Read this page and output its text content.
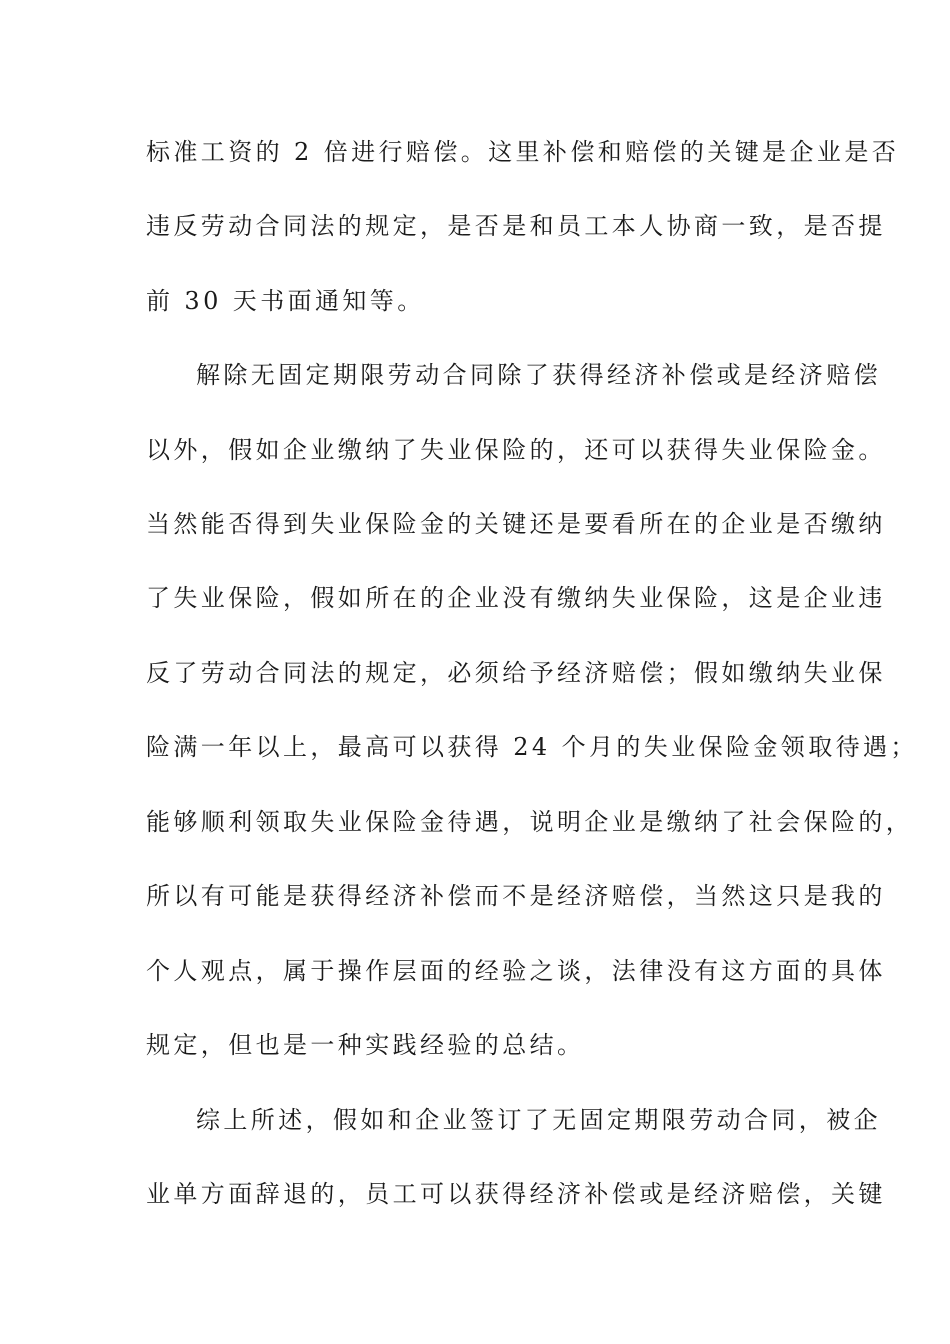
标准工资的 2 倍进行赔偿。这里补偿和赔偿的关键是企业是否
违反劳动合同法的规定，是否是和员工本人协商一致，是否提
前 30 天书面通知等。
解除无固定期限劳动合同除了获得经济补偿或是经济赔偿
以外，假如企业缴纳了失业保险的，还可以获得失业保险金。
当然能否得到失业保险金的关键还是要看所在的企业是否缴纳
了失业保险，假如所在的企业没有缴纳失业保险，这是企业违
反了劳动合同法的规定，必须给予经济赔偿；假如缴纳失业保
险满一年以上，最高可以获得 24 个月的失业保险金领取待遇；
能够顺利领取失业保险金待遇，说明企业是缴纳了社会保险的，
所以有可能是获得经济补偿而不是经济赔偿，当然这只是我的
个人观点，属于操作层面的经验之谈，法律没有这方面的具体
规定，但也是一种实践经验的总结。
综上所述，假如和企业签订了无固定期限劳动合同，被企
业单方面辞退的，员工可以获得经济补偿或是经济赔偿，关键
